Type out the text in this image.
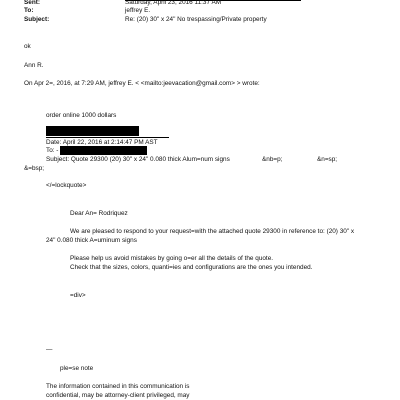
Sent:	Saturday, April 23, 2016 11:37 AM
To:	jeffrey E.
Subject:	Re: (20) 30" x 24" No trespassing/Private property
ok
Ann R.
On Apr 2=, 2016, at 7:29 AM, jeffrey E. < <mailto:jeevacation@gmail.com> > wrote:
order online 1000 dollars
Date: April 22, 2016 at 2:14:47 PM AST
To: -
Subject: Quote 29300 (20) 30" x 24" 0.080 thick Alum=num signs	&nb=p;	&n=sp;
&=bsp;
</=lockquote>
Dear An= Rodriquez
We are pleased to respond to your request=with the attached quote 29300 in reference to: (20) 30" x
24" 0.080 thick A=uminum signs
Please help us avoid mistakes by going o=er all the details of the quote.
Check that the sizes, colors, quanti=ies and configurations are the ones you intended.
=div>
—
ple=se note
The information contained in this communication is
confidential, may be attorney-client privileged, may
